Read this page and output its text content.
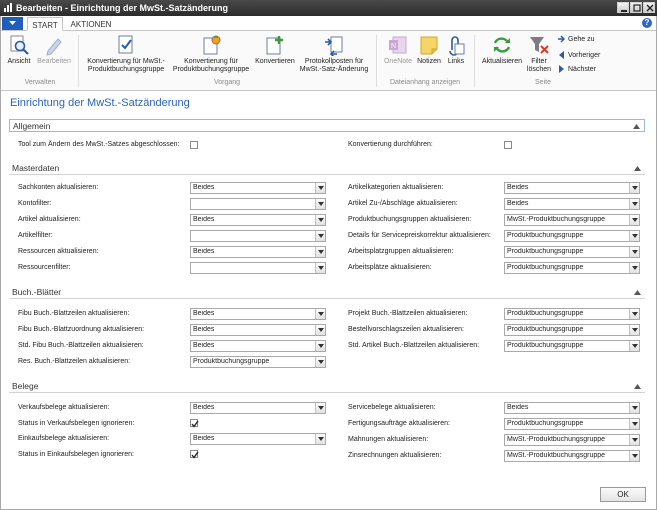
Bearbeiten - Einrichtung der MwSt.-Satzänderung
START	AKTIONEN	?
Ansicht Bearbeiten
Verwalten
Konvertierung für MwSt.-
Produktbuchungsgruppe
Konvertierung für
Produktbuchungsgruppe
Konvertieren	Protokollposten für
MwSt.-Satz-Änderung
Vorgang
N
OneNote Notizen Links
Dateianhang anzeigen
Aktualisieren	Filter
löschen
Gehe zu
Vorheriger
Nächster
Seite
Einrichtung der MwSt.-Satzänderung
Allgemein
Tool zum Ändern des MwSt.-Satzes abgeschlossen:	Konvertierung durchführen:
Masterdaten
Sachkonten aktualisieren:	Beides
Kontofilter:
Artikel aktualisieren:	Beides
Artikelfilter:
Ressourcen aktualisieren:	Beides
Ressourcenfilter:
Artikelkategorien aktualisieren:	Beides
Artikel Zu-/Abschläge aktualisieren:	Beides
Produktbuchungsgruppen aktualisieren:	MwSt.-Produktbuchungsgruppe
Details für Servicepreiskorrektur aktualisieren: Produktbuchungsgruppe
Arbeitsplatzgruppen aktualisieren:	Produktbuchungsgruppe
Arbeitsplätze aktualisieren:	Produktbuchungsgruppe
Buch.-Blätter
Fibu Buch.-Blattzeilen aktualisieren:	Beides
Fibu Buch.-Blattzuordnung aktualisieren:	Beides
Std. Fibu Buch.-Blattzeilen aktualisieren:	Beides
Res. Buch.-Blattzeilen aktualisieren:	Produktbuchungsgruppe
Projekt Buch.-Blattzeilen aktualisieren:	Produktbuchungsgruppe
Bestellvorschlagszeilen aktualisieren:	Produktbuchungsgruppe
Std. Artikel Buch.-Blattzeilen aktualisieren:	Produktbuchungsgruppe
Belege
Verkaufsbelege aktualisieren:	Beides
Status in Verkaufsbelegen ignorieren:
Einkaufsbelege aktualisieren:	Beides
Status in Einkaufsbelegen ignorieren:
Servicebelege aktualisieren:	Beides
Fertigungsaufträge aktualisieren:	Produktbuchungsgruppe
Mahnungen aktualisieren:	MwSt.-Produktbuchungsgruppe
Zinsrechnungen aktualisieren:	MwSt.-Produktbuchungsgruppe
OK
